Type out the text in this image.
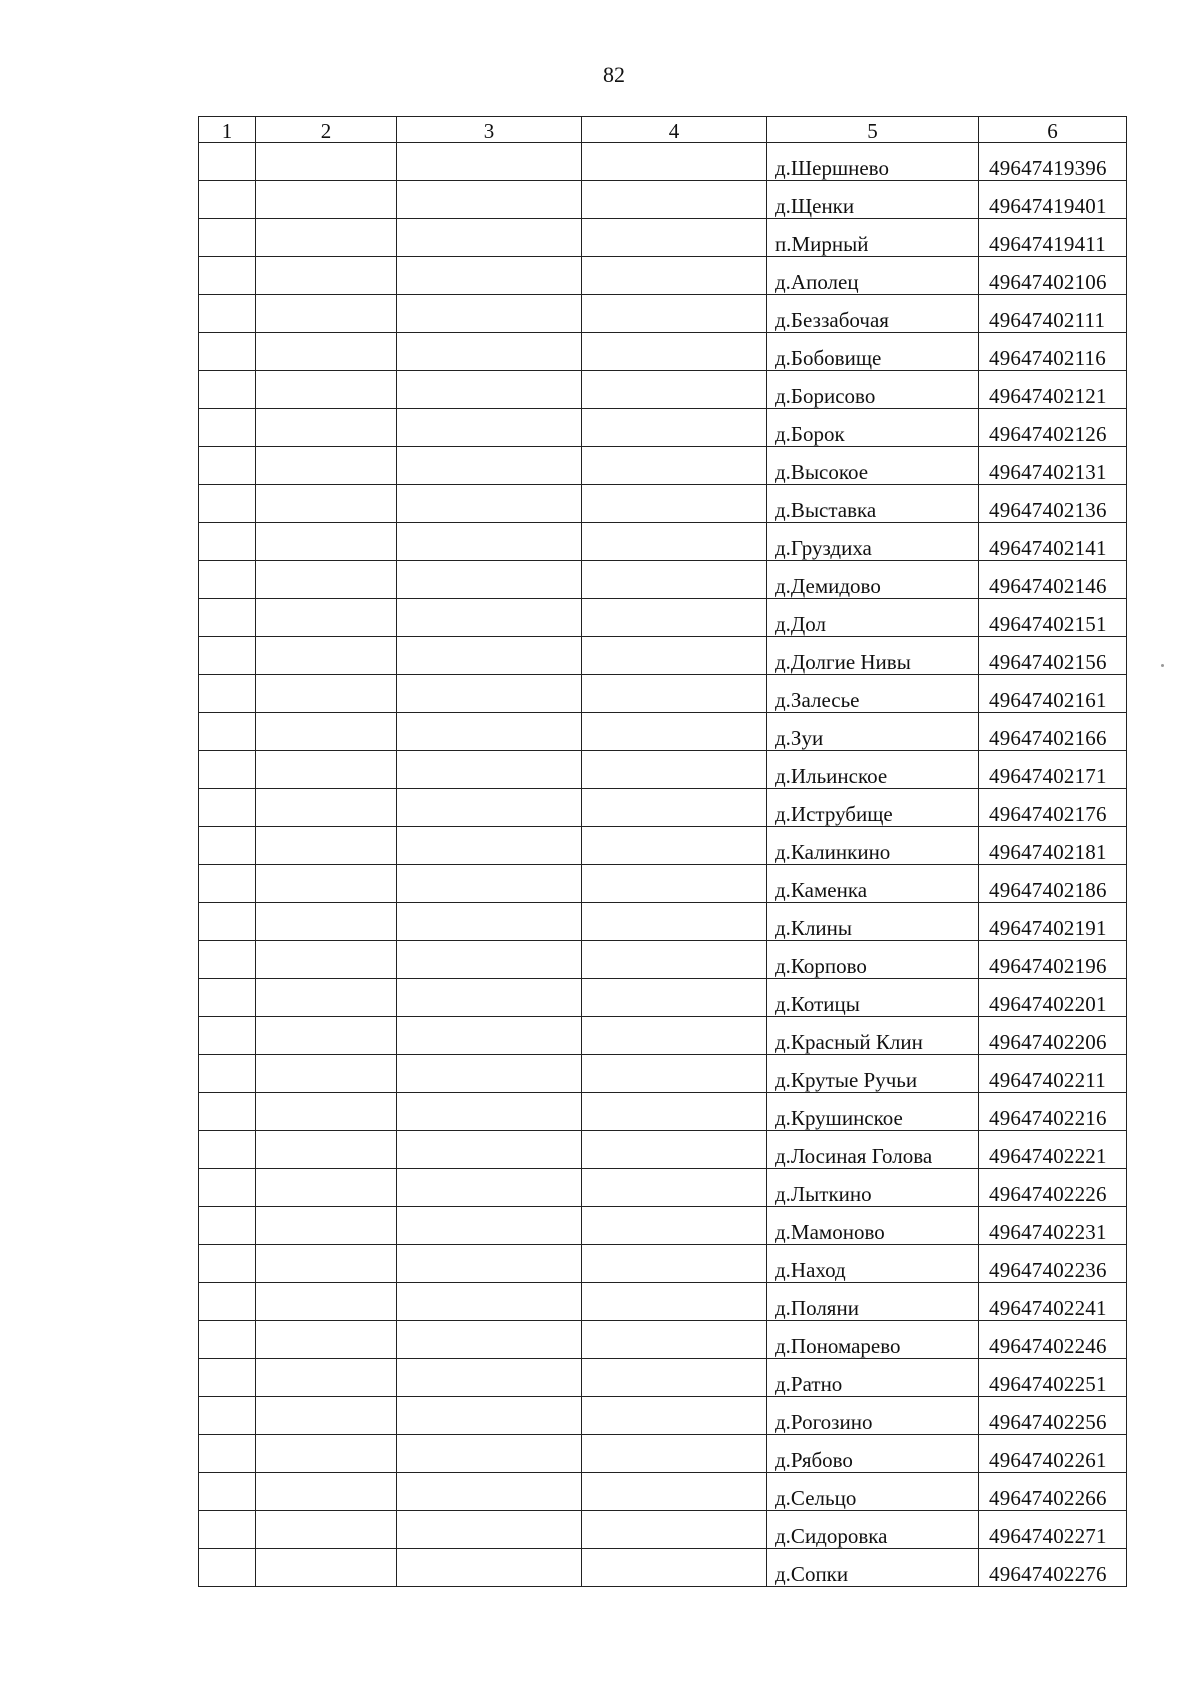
82
1	2	3	4	5	6
				д.Шершнево	49647419396
				д.Щенки	49647419401
				п.Мирный	49647419411
				д.Аполец	49647402106
				д.Беззабочая	49647402111
				д.Бобовище	49647402116
				д.Борисово	49647402121
				д.Борок	49647402126
				д.Высокое	49647402131
				д.Выставка	49647402136
				д.Груздиха	49647402141
				д.Демидово	49647402146
				д.Дол	49647402151
				д.Долгие Нивы	49647402156
				д.Залесье	49647402161
				д.Зуи	49647402166
				д.Ильинское	49647402171
				д.Иструбище	49647402176
				д.Калинкино	49647402181
				д.Каменка	49647402186
				д.Клины	49647402191
				д.Корпово	49647402196
				д.Котицы	49647402201
				д.Красный Клин	49647402206
				д.Крутые Ручьи	49647402211
				д.Крушинское	49647402216
				д.Лосиная Голова	49647402221
				д.Лыткино	49647402226
				д.Мамоново	49647402231
				д.Наход	49647402236
				д.Поляни	49647402241
				д.Пономарево	49647402246
				д.Ратно	49647402251
				д.Рогозино	49647402256
				д.Рябово	49647402261
				д.Сельцо	49647402266
				д.Сидоровка	49647402271
				д.Сопки	49647402276
